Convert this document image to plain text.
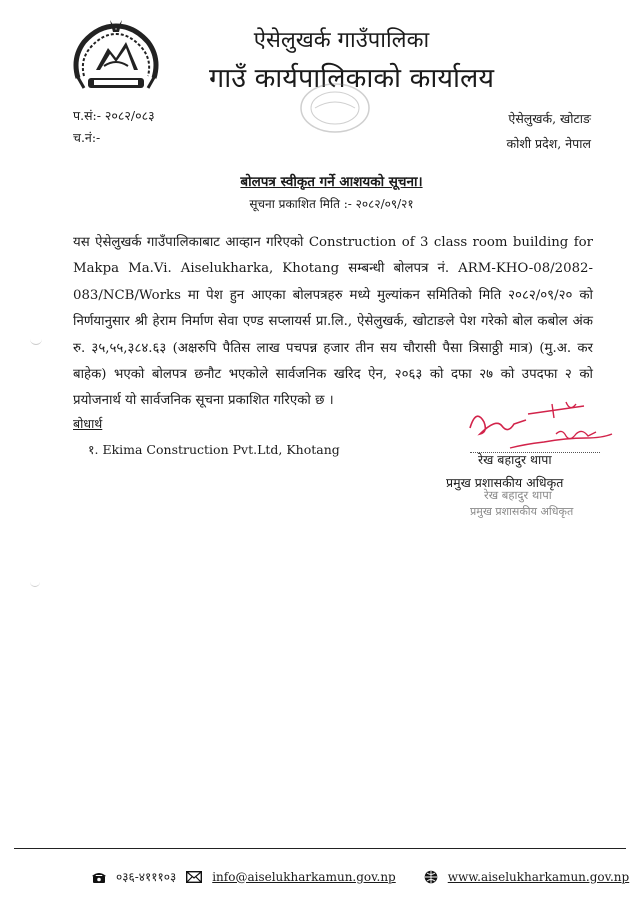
ऐसेलुखर्क गाउँपालिका
गाउँ कार्यपालिकाको कार्यालय
प.सं:- २०८२/०८३
च.नं:-
ऐसेलुखर्क, खोटाङ
कोशी प्रदेश, नेपाल
बोलपत्र स्वीकृत गर्ने आशयको सूचना।
सूचना प्रकाशित मिति :- २०८२/०९/२१
यस ऐसेलुखर्क गाउँपालिकाबाट आव्हान गरिएको Construction of 3 class room building for Makpa Ma.Vi. Aiselukharka, Khotang सम्बन्धी बोलपत्र नं. ARM-KHO-08/2082-083/NCB/Works मा पेश हुन आएका बोलपत्रहरु मध्ये मुल्यांकन समितिको मिति २०८२/०९/२० को निर्णयानुसार श्री हेराम निर्माण सेवा एण्ड सप्लायर्स प्रा.लि., ऐसेलुखर्क, खोटाङले पेश गरेको बोल कबोल अंक रु. ३५,५५,३८४.६३ (अक्षरुपि पैतिस लाख पचपन्न हजार तीन सय चौरासी पैसा त्रिसाठ्ठी मात्र) (मु.अ. कर बाहेक) भएको बोलपत्र छनौट भएकोले सार्वजनिक खरिद ऐन, २०६३ को दफा २७ को उपदफा २ को प्रयोजनार्थ यो सार्वजनिक सूचना प्रकाशित गरिएको छ ।
बोधार्थ
१. Ekima Construction Pvt.Ltd, Khotang
रेख बहादुर थापा
प्रमुख प्रशासकीय अधिकृत
रेख बहादुर थापा
प्रमुख प्रशासकीय अधिकृत
०३६-४१११०३	info@aiselukharkamun.gov.np	www.aiselukharkamun.gov.np
